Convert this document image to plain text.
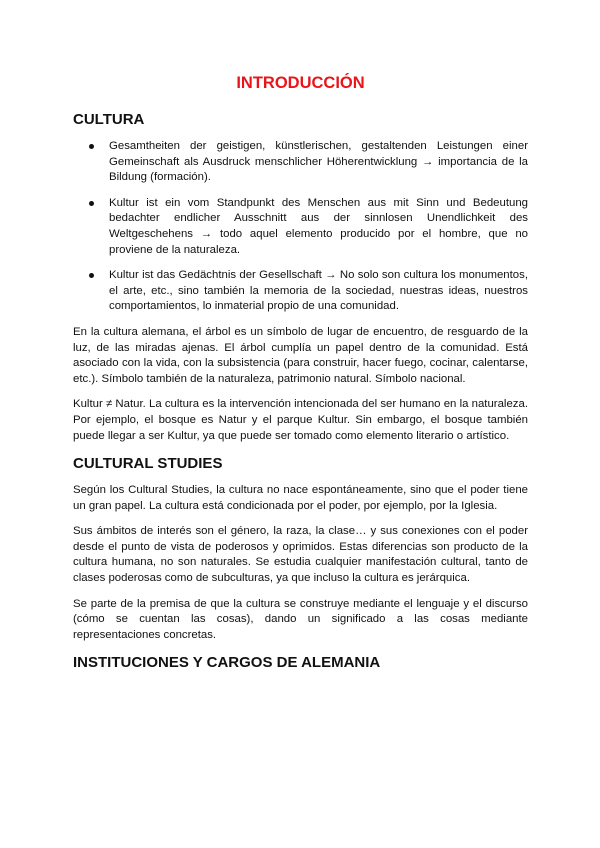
INTRODUCCIÓN
CULTURA
Gesamtheiten der geistigen, künstlerischen, gestaltenden Leistungen einer Gemeinschaft als Ausdruck menschlicher Höherentwicklung → importancia de la Bildung (formación).
Kultur ist ein vom Standpunkt des Menschen aus mit Sinn und Bedeutung bedachter endlicher Ausschnitt aus der sinnlosen Unendlichkeit des Weltgeschehens → todo aquel elemento producido por el hombre, que no proviene de la naturaleza.
Kultur ist das Gedächtnis der Gesellschaft → No solo son cultura los monumentos, el arte, etc., sino también la memoria de la sociedad, nuestras ideas, nuestros comportamientos, lo inmaterial propio de una comunidad.

En la cultura alemana, el árbol es un símbolo de lugar de encuentro, de resguardo de la luz, de las miradas ajenas. El árbol cumplía un papel dentro de la comunidad. Está asociado con la vida, con la subsistencia (para construir, hacer fuego, cocinar, calentarse, etc.). Símbolo también de la naturaleza, patrimonio natural. Símbolo nacional.

Kultur ≠ Natur. La cultura es la intervención intencionada del ser humano en la naturaleza. Por ejemplo, el bosque es Natur y el parque Kultur. Sin embargo, el bosque también puede llegar a ser Kultur, ya que puede ser tomado como elemento literario o artístico.

CULTURAL STUDIES

Según los Cultural Studies, la cultura no nace espontáneamente, sino que el poder tiene un gran papel. La cultura está condicionada por el poder, por ejemplo, por la Iglesia.

Sus ámbitos de interés son el género, la raza, la clase… y sus conexiones con el poder desde el punto de vista de poderosos y oprimidos. Estas diferencias son producto de la cultura humana, no son naturales. Se estudia cualquier manifestación cultural, tanto de clases poderosas como de subculturas, ya que incluso la cultura es jerárquica.

Se parte de la premisa de que la cultura se construye mediante el lenguaje y el discurso (cómo se cuentan las cosas), dando un significado a las cosas mediante representaciones concretas.

INSTITUCIONES Y CARGOS DE ALEMANIA
